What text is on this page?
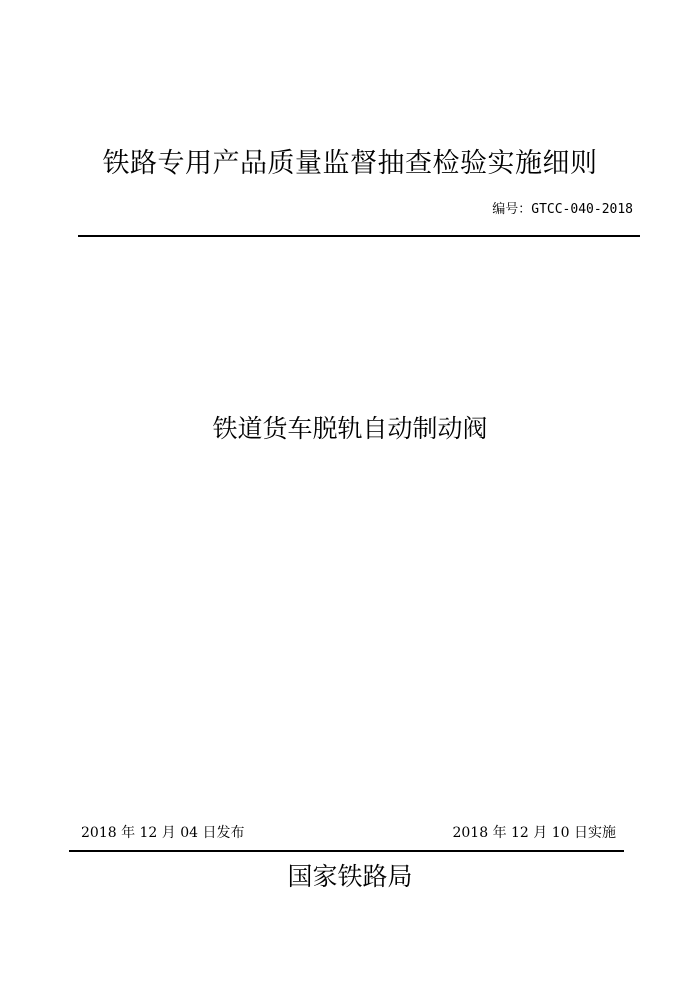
铁路专用产品质量监督抽查检验实施细则
编号：GTCC-040-2018
铁道货车脱轨自动制动阀
2018 年 12 月 04 日发布	2018 年 12 月 10 日实施
国家铁路局
